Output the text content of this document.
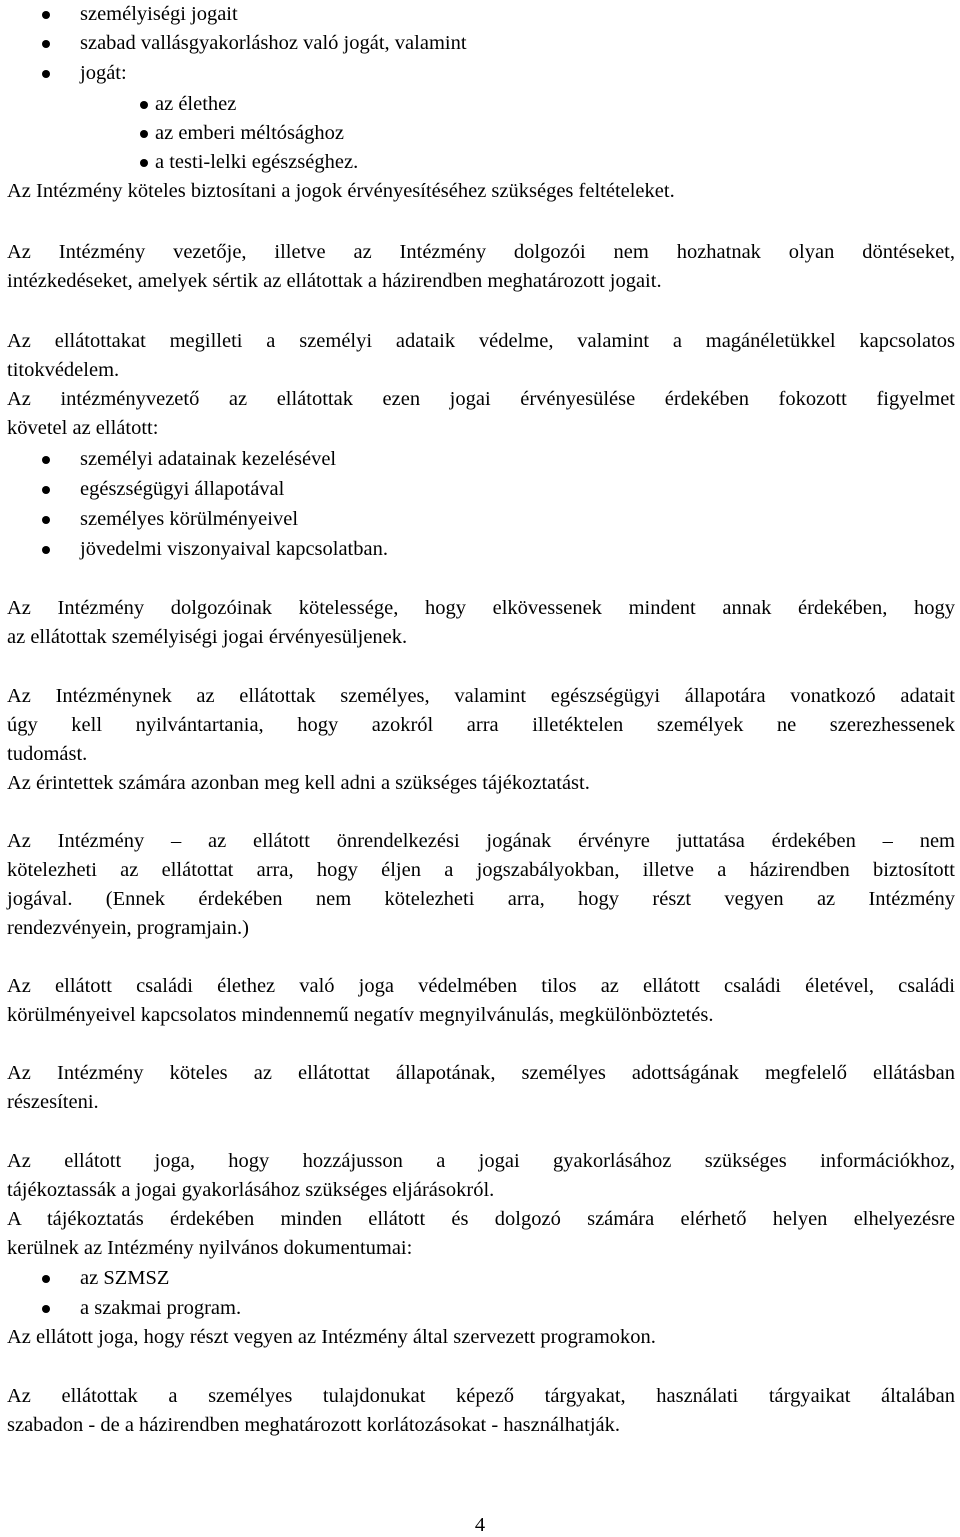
személyiségi jogait
szabad vallásgyakorláshoz való jogát, valamint
jogát:
az élethez
az emberi méltósághoz
a testi-lelki egészséghez.
Az Intézmény köteles biztosítani a jogok érvényesítéséhez szükséges feltételeket.
Az Intézmény vezetője, illetve az Intézmény dolgozói nem hozhatnak olyan döntéseket,
intézkedéseket, amelyek sértik az ellátottak a házirendben meghatározott jogait.
Az ellátottakat megilleti a személyi adataik védelme, valamint a magánéletükkel kapcsolatos
titokvédelem.
Az intézményvezető az ellátottak ezen jogai érvényesülése érdekében fokozott figyelmet
követel az ellátott:
személyi adatainak kezelésével
egészségügyi állapotával
személyes körülményeivel
jövedelmi viszonyaival kapcsolatban.
Az Intézmény dolgozóinak kötelessége, hogy elkövessenek mindent annak érdekében, hogy
az ellátottak személyiségi jogai érvényesüljenek.
Az Intézménynek az ellátottak személyes, valamint egészségügyi állapotára vonatkozó adatait
úgy kell nyilvántartania, hogy azokról arra illetéktelen személyek ne szerezhessenek
tudomást.
Az érintettek számára azonban meg kell adni a szükséges tájékoztatást.
Az Intézmény – az ellátott önrendelkezési jogának érvényre juttatása érdekében – nem
kötelezheti az ellátottat arra, hogy éljen a jogszabályokban, illetve a házirendben biztosított
jogával. (Ennek érdekében nem kötelezheti arra, hogy részt vegyen az Intézmény
rendezvényein, programjain.)
Az ellátott családi élethez való joga védelmében tilos az ellátott családi életével, családi
körülményeivel kapcsolatos mindennemű negatív megnyilvánulás, megkülönböztetés.
Az Intézmény köteles az ellátottat állapotának, személyes adottságának megfelelő ellátásban
részesíteni.
Az ellátott joga, hogy hozzájusson a jogai gyakorlásához szükséges információkhoz,
tájékoztassák a jogai gyakorlásához szükséges eljárásokról.
A tájékoztatás érdekében minden ellátott és dolgozó számára elérhető helyen elhelyezésre
kerülnek az Intézmény nyilvános dokumentumai:
az SZMSZ
a szakmai program.
Az ellátott joga, hogy részt vegyen az Intézmény által szervezett programokon.
Az ellátottak a személyes tulajdonukat képező tárgyakat, használati tárgyaikat általában
szabadon - de a házirendben meghatározott korlátozásokat - használhatják.
4
